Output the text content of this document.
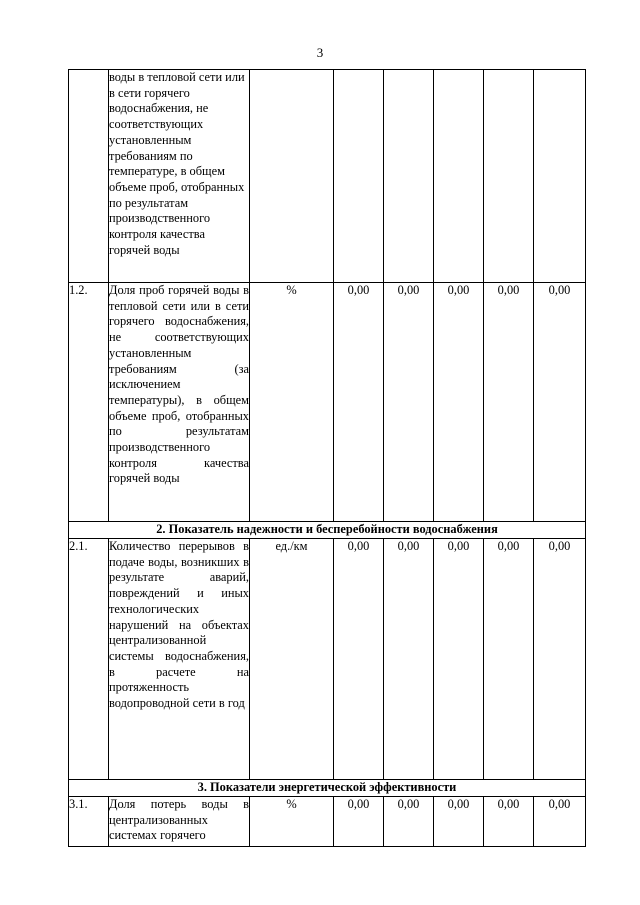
3

	воды в тепловой сети или в сети горячего водоснабжения, не соответствующих установленным требованиям по температуре, в общем объеме проб, отобранных по результатам производственного контроля качества горячей воды						

1.2.	Доля проб горячей воды в тепловой сети или в сети горячего водоснабжения, не соответствующих установленным требованиям (за исключением температуры), в общем объеме проб, отобранных по результатам производственного контроля качества горячей воды	%	0,00	0,00	0,00	0,00	0,00
2. Показатель надежности и бесперебойности водоснабжения							
2.1.	Количество перерывов в подаче воды, возникших в результате аварий, повреждений и иных технологических нарушений на объектах централизованной системы водоснабжения, в расчете на протяженность водопроводной сети в год	ед./км	0,00	0,00	0,00	0,00	0,00
3. Показатели энергетической эффективности							
3.1.	Доля потерь воды в централизованных системах горячего	%	0,00	0,00	0,00	0,00	0,00
